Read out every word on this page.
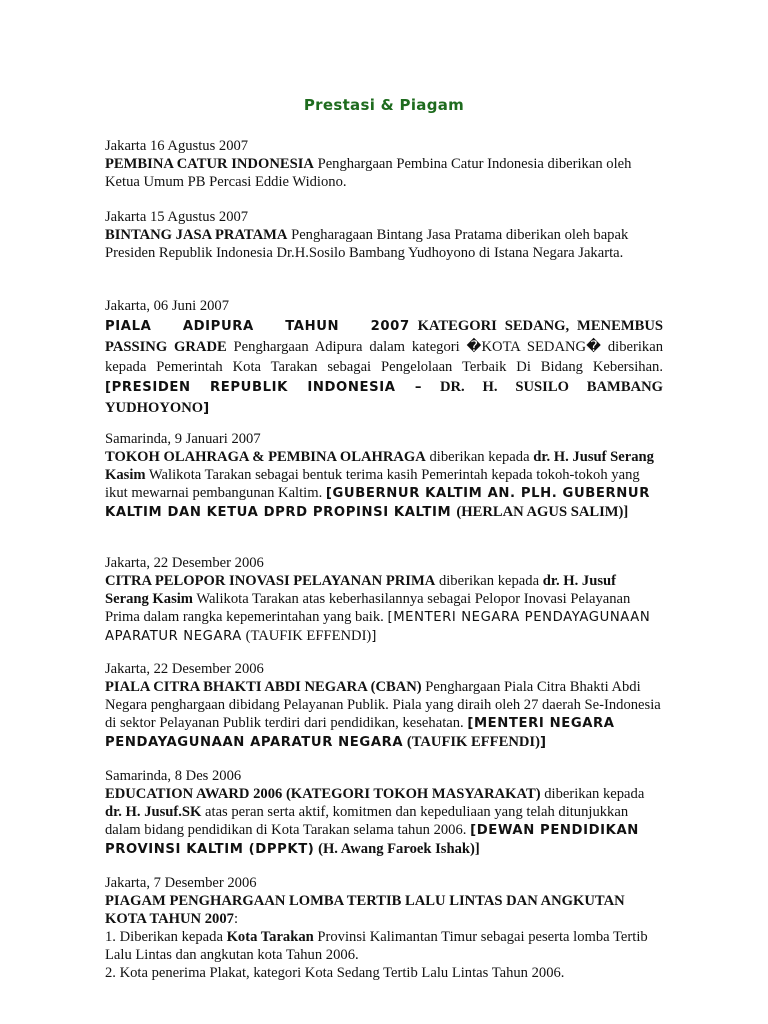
Prestasi & Piagam
Jakarta 16 Agustus 2007

PEMBINA CATUR INDONESIA Penghargaan Pembina Catur Indonesia diberikan oleh Ketua Umum PB Percasi Eddie Widiono.

Jakarta 15 Agustus 2007

BINTANG JASA PRATAMA Pengharagaan Bintang Jasa Pratama diberikan oleh bapak Presiden Republik Indonesia Dr.H.Sosilo Bambang Yudhoyono di Istana Negara Jakarta.

Jakarta, 06 Juni 2007

PIALA ADIPURA TAHUN 2007 KATEGORI SEDANG, MENEMBUS PASSING GRADE Penghargaan Adipura dalam kategori �KOTA SEDANG� diberikan kepada Pemerintah Kota Tarakan sebagai Pengelolaan Terbaik Di Bidang Kebersihan. [PRESIDEN REPUBLIK INDONESIA – DR. H. SUSILO BAMBANG YUDHOYONO]

Samarinda, 9 Januari 2007

TOKOH OLAHRAGA & PEMBINA OLAHRAGA diberikan kepada dr. H. Jusuf Serang Kasim Walikota Tarakan sebagai bentuk terima kasih Pemerintah kepada tokoh-tokoh yang ikut mewarnai pembangunan Kaltim. [GUBERNUR KALTIM AN. PLH. GUBERNUR KALTIM DAN KETUA DPRD PROPINSI KALTIM (HERLAN AGUS SALIM)]

Jakarta, 22 Desember 2006

CITRA PELOPOR INOVASI PELAYANAN PRIMA diberikan kepada dr. H. Jusuf Serang Kasim Walikota Tarakan atas keberhasilannya sebagai Pelopor Inovasi Pelayanan Prima dalam rangka kepemerintahan yang baik. [MENTERI NEGARA PENDAYAGUNAAN APARATUR NEGARA (TAUFIK EFFENDI)]

Jakarta, 22 Desember 2006

PIALA CITRA BHAKTI ABDI NEGARA (CBAN) Penghargaan Piala Citra Bhakti Abdi Negara penghargaan dibidang Pelayanan Publik. Piala yang diraih oleh 27 daerah Se-Indonesia di sektor Pelayanan Publik terdiri dari pendidikan, kesehatan. [MENTERI NEGARA PENDAYAGUNAAN APARATUR NEGARA (TAUFIK EFFENDI)]

Samarinda, 8 Des 2006

EDUCATION AWARD 2006 (KATEGORI TOKOH MASYARAKAT) diberikan kepada dr. H. Jusuf.SK atas peran serta aktif, komitmen dan kepeduliaan yang telah ditunjukkan dalam bidang pendidikan di Kota Tarakan selama tahun 2006. [DEWAN PENDIDIKAN PROVINSI KALTIM (DPPKT) (H. Awang Faroek Ishak)]

Jakarta, 7 Desember 2006

PIAGAM PENGHARGAAN LOMBA TERTIB LALU LINTAS DAN ANGKUTAN KOTA TAHUN 2007:

1. Diberikan kepada Kota Tarakan Provinsi Kalimantan Timur sebagai peserta lomba Tertib Lalu Lintas dan angkutan kota Tahun 2006.

2. Kota penerima Plakat, kategori Kota Sedang Tertib Lalu Lintas Tahun 2006.
